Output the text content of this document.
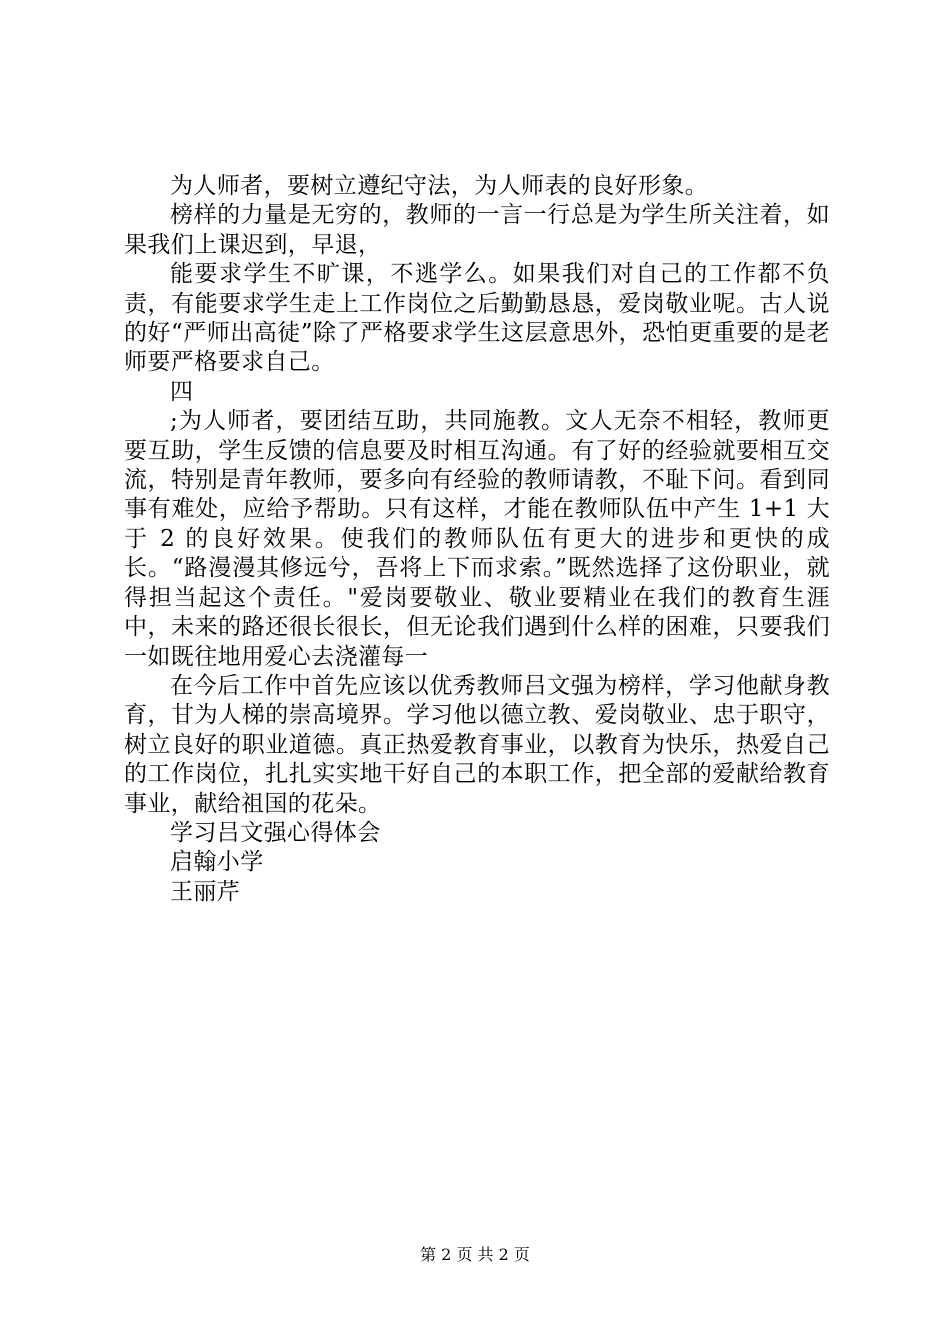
为人师者，要树立遵纪守法，为人师表的良好形象。

榜样的力量是无穷的，教师的一言一行总是为学生所关注着，如果我们上课迟到，早退，

能要求学生不旷课，不逃学么。如果我们对自己的工作都不负责，有能要求学生走上工作岗位之后勤勤恳恳，爱岗敬业呢。古人说的好“严师出高徒”除了严格要求学生这层意思外，恐怕更重要的是老师要严格要求自己。

四

;为人师者，要团结互助，共同施教。文人无奈不相轻，教师更要互助，学生反馈的信息要及时相互沟通。有了好的经验就要相互交流，特别是青年教师，要多向有经验的教师请教，不耻下问。看到同事有难处，应给予帮助。只有这样，才能在教师队伍中产生 1+1 大于 2 的良好效果。使我们的教师队伍有更大的进步和更快的成长。“路漫漫其修远兮，吾将上下而求索。”既然选择了这份职业，就得担当起这个责任。"爱岗要敬业、敬业要精业在我们的教育生涯中，未来的路还很长很长，但无论我们遇到什么样的困难，只要我们一如既往地用爱心去浇灌每一

在今后工作中首先应该以优秀教师吕文强为榜样，学习他献身教育，甘为人梯的崇高境界。学习他以德立教、爱岗敬业、忠于职守，树立良好的职业道德。真正热爱教育事业，以教育为快乐，热爱自己的工作岗位，扎扎实实地干好自己的本职工作，把全部的爱献给教育事业，献给祖国的花朵。

学习吕文强心得体会

启翰小学

王丽芹

第 2 页 共 2 页
